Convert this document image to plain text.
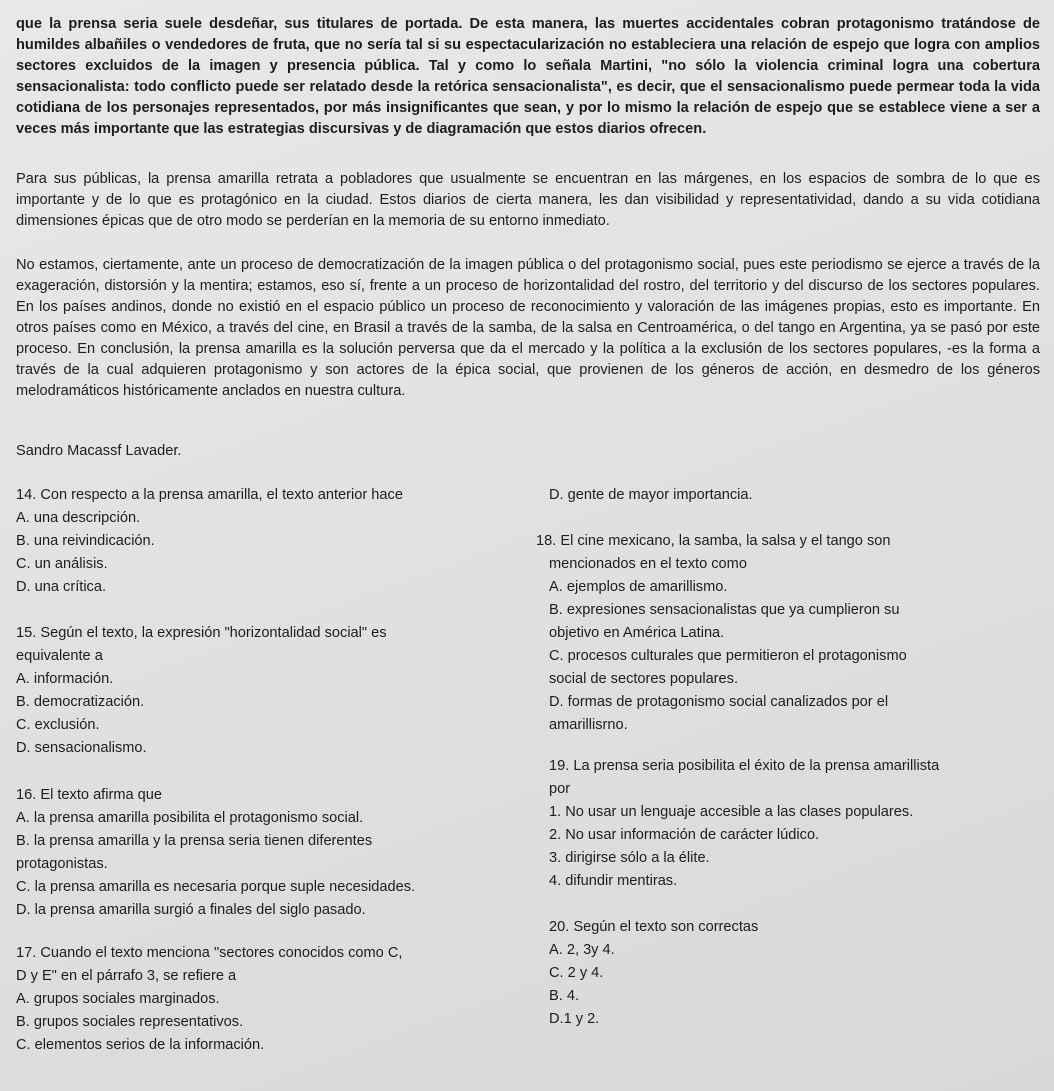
que la prensa seria suele desdeñar, sus titulares de portada. De esta manera, las muertes accidentales cobran protagonismo tratándose de humildes albañiles o vendedores de fruta, que no sería tal si su espectacularización no estableciera una relación de espejo que logra con amplios sectores excluidos de la imagen y presencia pública. Tal y como lo señala Martini, "no sólo la violencia criminal logra una cobertura sensacionalista: todo conflicto puede ser relatado desde la retórica sensacionalista", es decir, que el sensacionalismo puede permear toda la vida cotidiana de los personajes representados, por más insignificantes que sean, y por lo mismo la relación de espejo que se establece viene a ser a veces más importante que las estrategias discursivas y de diagramación que estos diarios ofrecen.

Para sus públicas, la prensa amarilla retrata a pobladores que usualmente se encuentran en las márgenes, en los espacios de sombra de lo que es importante y de lo que es protagónico en la ciudad. Estos diarios de cierta manera, les dan visibilidad y representatividad, dando a su vida cotidiana dimensiones épicas que de otro modo se perderían en la memoria de su entorno inmediato.

No estamos, ciertamente, ante un proceso de democratización de la imagen pública o del protagonismo social, pues este periodismo se ejerce a través de la exageración, distorsión y la mentira; estamos, eso sí, frente a un proceso de horizontalidad del rostro, del territorio y del discurso de los sectores populares. En los países andinos, donde no existió en el espacio público un proceso de reconocimiento y valoración de las imágenes propias, esto es importante. En otros países como en México, a través del cine, en Brasil a través de la samba, de la salsa en Centroamérica, o del tango en Argentina, ya se pasó por este proceso. En conclusión, la prensa amarilla es la solución perversa que da el mercado y la política a la exclusión de los sectores populares, -es la forma a través de la cual adquieren protagonismo y son actores de la épica social, que provienen de los géneros de acción, en desmedro de los géneros melodramáticos históricamente anclados en nuestra cultura.

Sandro Macassf Lavader.
14. Con respecto a la prensa amarilla, el texto anterior hace
A. una descripción.
B. una reivindicación.
C. un análisis.
D. una crítica.
D. gente de mayor importancia.
15. Según el texto, la expresión "horizontalidad social" es
equivalente a
A. información.
B. democratización.
C. exclusión.
D. sensacionalismo.
16. El texto afirma que
A. la prensa amarilla posibilita el protagonismo social.
B. la prensa amarilla y la prensa seria tienen diferentes
protagonistas.
C. la prensa amarilla es necesaria porque suple necesidades.
D. la prensa amarilla surgió a finales del siglo pasado.
17. Cuando el texto menciona "sectores conocidos como C,
D y E" en el párrafo 3, se refiere a
A. grupos sociales marginados.
B. grupos sociales representativos.
C. elementos serios de la información.
18. El cine mexicano, la samba, la salsa y el tango son
mencionados en el texto como
A. ejemplos de amarillismo.
B. expresiones sensacionalistas que ya cumplieron su
objetivo en América Latina.
C. procesos culturales que permitieron el protagonismo
social de sectores populares.
D. formas de protagonismo social canalizados por el
amarillisrno.
19. La prensa seria posibilita el éxito de la prensa amarillista
por
1. No usar un lenguaje accesible a las clases populares.
2. No usar información de carácter lúdico.
3. dirigirse sólo a la élite.
4. difundir mentiras.
20. Según el texto son correctas
A. 2, 3y 4.
C. 2 y 4.
B. 4.
D.1 y 2.
